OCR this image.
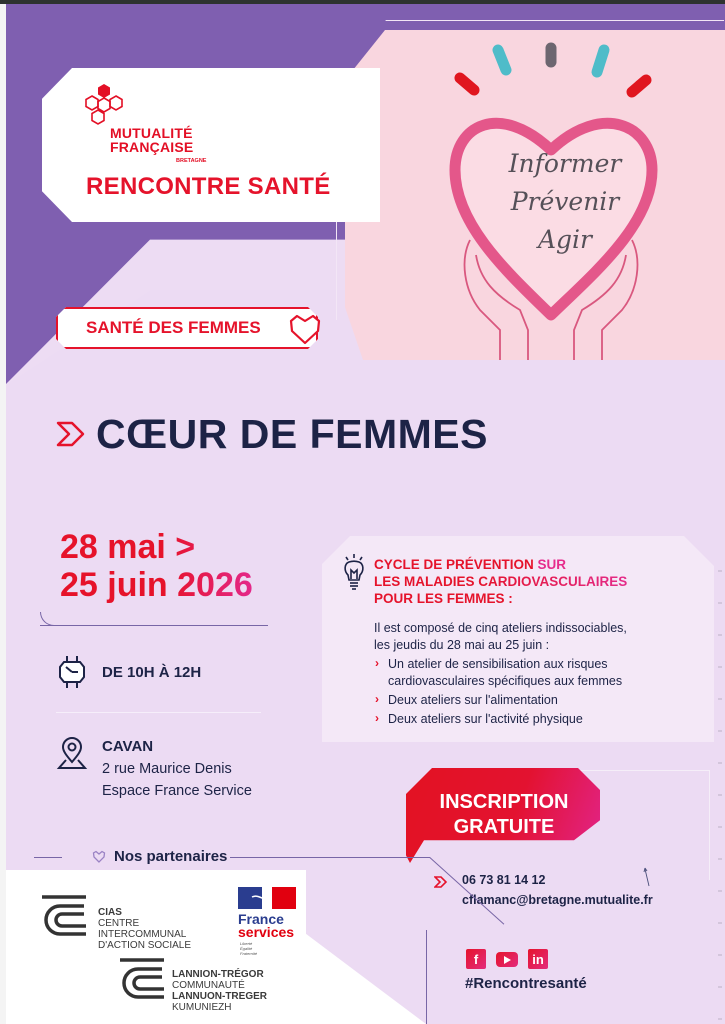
MUTUALITÉ
FRANÇAISE
BRETAGNE
RENCONTRE SANTÉ
SANTÉ DES FEMMES
Informer
Prévenir
Agir
CŒUR DE FEMMES
28 mai >
25 juin 2026
DE 10H À 12H
CAVAN
2 rue Maurice Denis
Espace France Service
CYCLE DE PRÉVENTION SUR
LES MALADIES CARDIOVASCULAIRES
POUR LES FEMMES :
Il est composé de cinq ateliers indissociables,
les jeudis du 28 mai au 25 juin :
› Un atelier de sensibilisation aux risques cardiovasculaires spécifiques aux femmes
› Deux ateliers sur l'alimentation
› Deux ateliers sur l'activité physique
INSCRIPTION
GRATUITE
06 73 81 14 12
cflamanc@bretagne.mutualite.fr
Nos partenaires
CIAS
CENTRE
INTERCOMMUNAL
D'ACTION SOCIALE
France
services
Liberté
Égalité
Fraternité
LANNION-TRÉGOR
COMMUNAUTÉ
LANNUON-TREGER
KUMUNIEZH
f	in
#Rencontresanté
